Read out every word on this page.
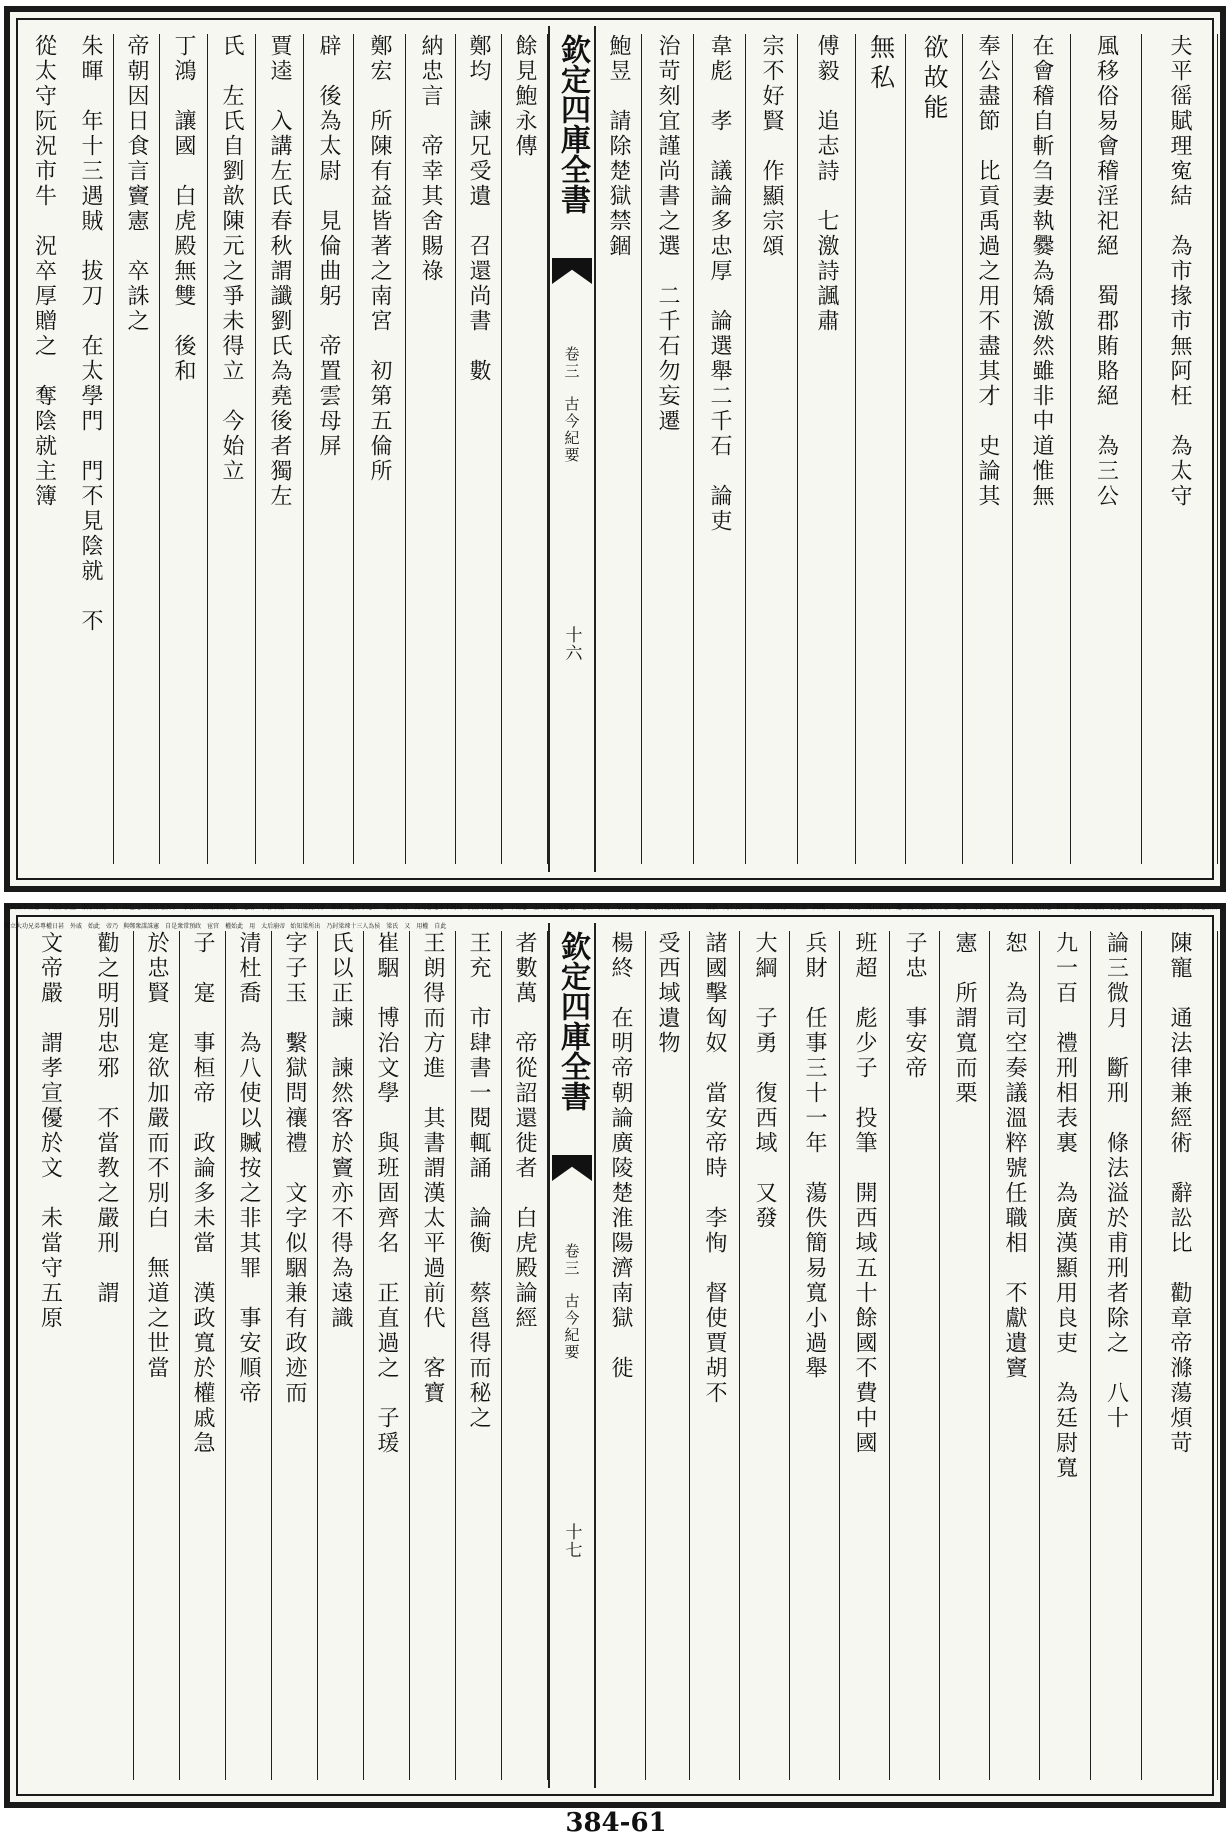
夫平徭賦理寃結　為市掾市無阿枉　為太守
風移俗易會稽淫祀絕　蜀郡賄賂絕　為三公
在會稽自斬刍妻執爨為矯激然雖非中道惟無
奉公盡節　比貢禹過之用不盡其才　史論其
欲故能
無私
傅毅　追志詩　七激詩諷肅
宗不好賢　作顯宗頌
韋彪　孝　議論多忠厚　論選舉二千石　論吏
治苛刻宜謹尚書之選　二千石勿妄遷
鮑昱　請除楚獄禁錮
欽定四庫全書
卷三
古今紀要
十六
餘見鮑永傳
鄭均　諫兄受遺　召還尚書　數
納忠言　帝幸其舍賜祿
鄭宏　所陳有益皆著之南宮　初第五倫所
辟　後為太尉　見倫曲躬　帝置雲母屏
賈逵　入講左氏春秋謂讖劉氏為堯後者獨左
氏　左氏自劉歆陳元之爭未得立　今始立
丁鴻　讓國　白虎殿無雙　後和
帝朝因日食言竇憲　卒誅之
朱暉　年十三遇賊　拔刀　在太學門　門不見陰就　不
從太守阮況市牛　況卒厚贈之　奪陰就主簿
陳寵　通法律兼經術　辭訟比　勸章帝滌蕩煩苛
論三微月　斷刑　條法溢於甫刑者除之　八十
九一百　禮刑相表裏　為廣漢顯用良吏　為廷尉寬
恕　為司空奏議溫粹號任職相　不獻遺竇
憲　所謂寬而栗
子忠　事安帝
班超　彪少子　投筆　開西域五十餘國不費中國
兵財　任事三十一年　蕩佚簡易寬小過舉
大綱　子勇　復西域　又發
諸國擊匈奴　當安帝時　李恂　督使賈胡不
受西域遺物
楊終　在明帝朝論廣陵楚淮陽濟南獄　徙
欽定四庫全書
卷三
古今紀要
十七
者數萬　帝從詔還徙者　白虎殿論經
王充　市肆書一閱輒誦　論衡　蔡邕得而秘之
王朗得而方進　其書謂漢太平過前代　客寶
崔駰　博治文學　與班固齊名　正直過之　子瑗
氏以正諫　諫然客於竇亦不得為遠識
字子玉　繫獄問禳禮　文字似駰兼有政迹而
清杜喬　為八使以贓按之非其罪　事安順帝
子　寔　事桓帝　政論多未當　漢政寬於權戚急
於忠賢　寔欲加嚴而不別白　無道之世當
勸之明別忠邪　不當教之嚴刑　謂
文帝嚴　謂孝宣優於文　未當守五原
璧與東平王蒼　守臨淮強直　散家賑飢　以 知己之言恤張堪妻子　爭張林鑄錢鬻鹽均輸 之議　不署不閒 口帝悟寢其事 樂恢　隨焦永之官　皦然不汙　為功曹選舉不阿為 僕射舉刺無避　不附憲　上疏諫不聽憲脅 之殺 郭躬　守法平恕　為廷尉輒刑條四十一　論赦 文不及亡命　奏讞法科多所生全　昌織 秦彭　循吏　萬石秦氏　遷山陽以禮訓人不加 恥辱　守潁川感麟鳳等瑞肅宗親行之 和帝　竇太后臨朝　竇憲用事破北單于勒功燕然 又破之金微山　既立大功兄弟專權日甚　外戚　始此　帝乃 與鄭衆謀誅憲　自是衆常預政　宦官　權始此　用　太后崩帝 始知梁所出　乃封梁竦十三人為侯　梁氏　又　用權　自此
384-61
